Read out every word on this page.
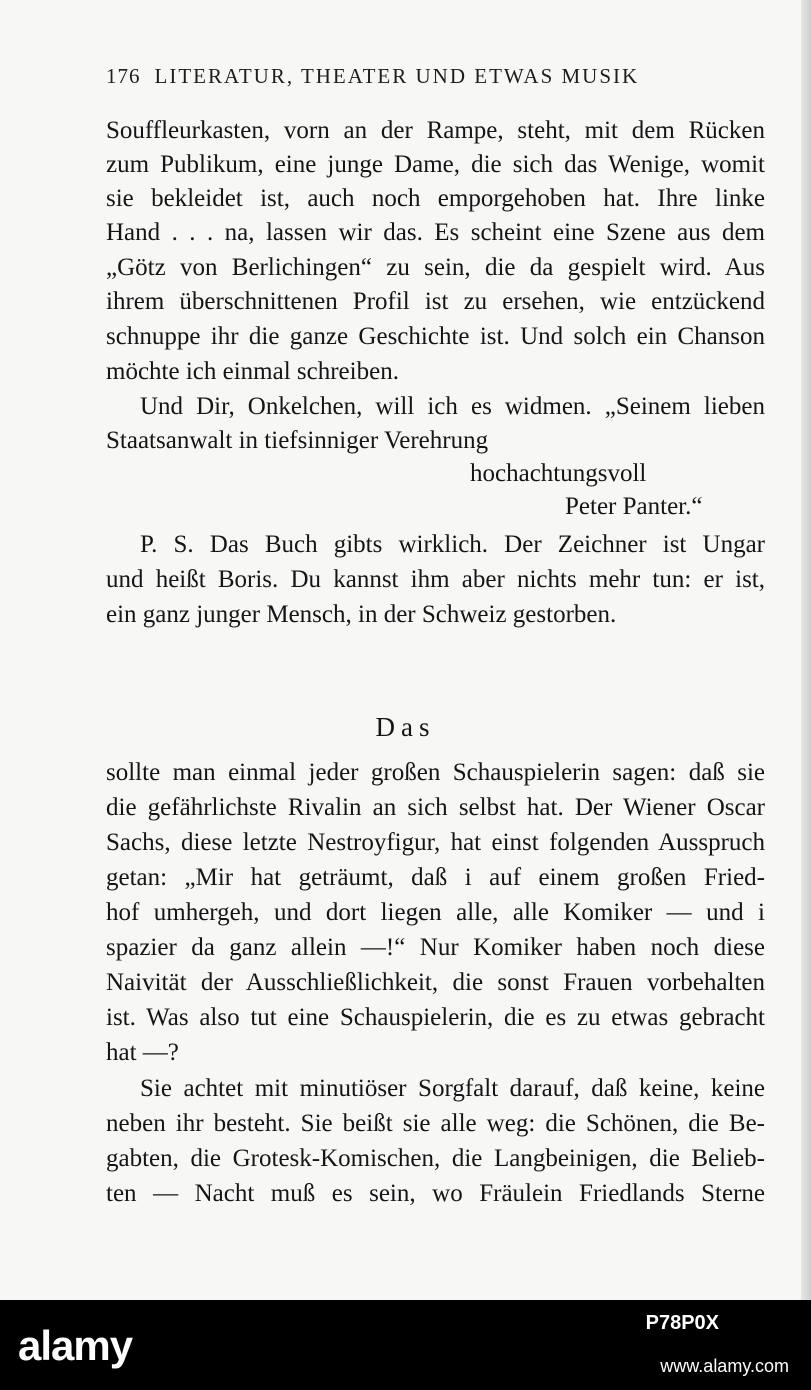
176 LITERATUR, THEATER UND ETWAS MUSIK
Souffleurkasten, vorn an der Rampe, steht, mit dem Rücken
zum Publikum, eine junge Dame, die sich das Wenige, womit
sie bekleidet ist, auch noch emporgehoben hat. Ihre linke
Hand . . . na, lassen wir das. Es scheint eine Szene aus dem
„Götz von Berlichingen“ zu sein, die da gespielt wird. Aus
ihrem überschnittenen Profil ist zu ersehen, wie entzückend
schnuppe ihr die ganze Geschichte ist. Und solch ein Chanson
möchte ich einmal schreiben.
Und Dir, Onkelchen, will ich es widmen. „Seinem lieben
Staatsanwalt in tiefsinniger Verehrung
hochachtungsvoll
Peter Panter.“
P. S. Das Buch gibts wirklich. Der Zeichner ist Ungar
und heißt Boris. Du kannst ihm aber nichts mehr tun: er ist,
ein ganz junger Mensch, in der Schweiz gestorben.
Das
sollte man einmal jeder großen Schauspielerin sagen: daß sie
die gefährlichste Rivalin an sich selbst hat. Der Wiener Oscar
Sachs, diese letzte Nestroyfigur, hat einst folgenden Ausspruch
getan: „Mir hat geträumt, daß i auf einem großen Fried-
hof umhergeh, und dort liegen alle, alle Komiker — und i
spazier da ganz allein —!“ Nur Komiker haben noch diese
Naivität der Ausschließlichkeit, die sonst Frauen vorbehalten
ist. Was also tut eine Schauspielerin, die es zu etwas gebracht
hat —?
Sie achtet mit minutiöser Sorgfalt darauf, daß keine, keine
neben ihr besteht. Sie beißt sie alle weg: die Schönen, die Be-
gabten, die Grotesk-Komischen, die Langbeinigen, die Belieb-
ten — Nacht muß es sein, wo Fräulein Friedlands Sterne
alamy	P78P0X
www.alamy.com
